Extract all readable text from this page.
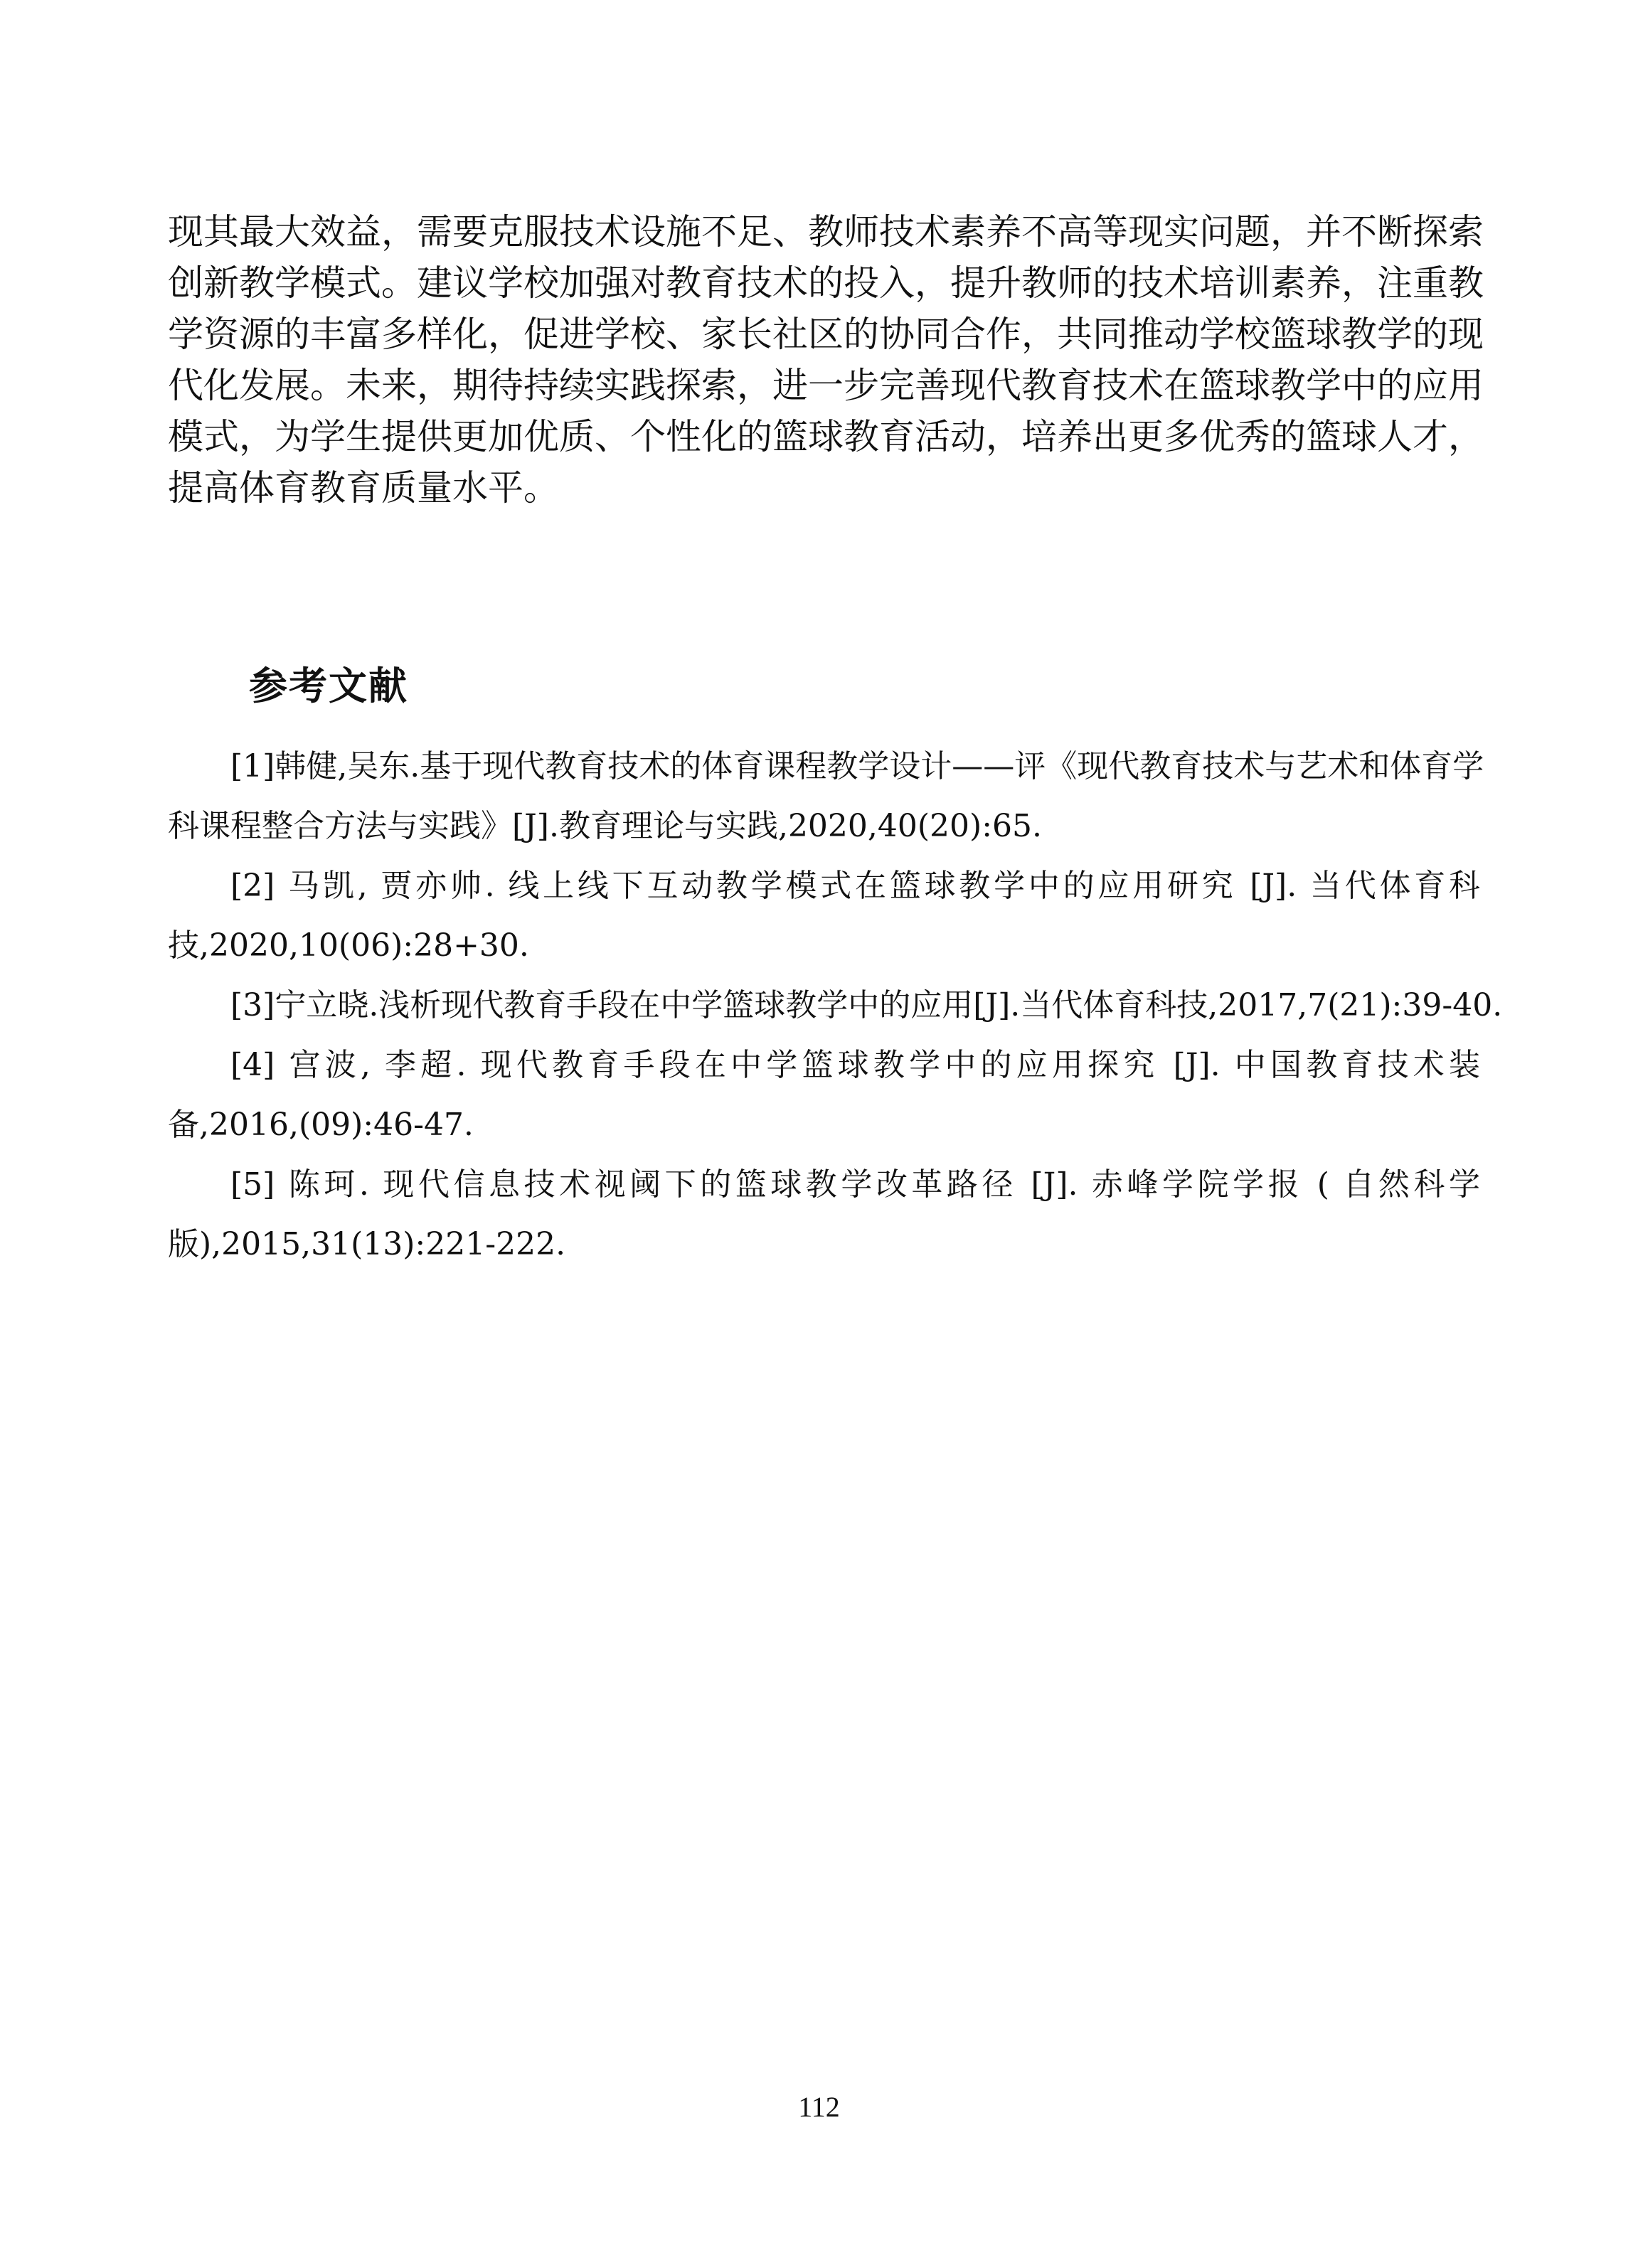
现其最大效益，需要克服技术设施不足、教师技术素养不高等现实问题，并不断探索
创新教学模式。建议学校加强对教育技术的投入，提升教师的技术培训素养，注重教
学资源的丰富多样化，促进学校、家长社区的协同合作，共同推动学校篮球教学的现
代化发展。未来，期待持续实践探索，进一步完善现代教育技术在篮球教学中的应用
模式，为学生提供更加优质、个性化的篮球教育活动，培养出更多优秀的篮球人才，
提高体育教育质量水平。
参考文献
[1]韩健,吴东.基于现代教育技术的体育课程教学设计——评《现代教育技术与艺术和体育学
科课程整合方法与实践》[J].教育理论与实践,2020,40(20):65.
[2] 马凯, 贾亦帅. 线上线下互动教学模式在篮球教学中的应用研究 [J]. 当代体育科
技,2020,10(06):28+30.
[3]宁立晓.浅析现代教育手段在中学篮球教学中的应用[J].当代体育科技,2017,7(21):39-40.
[4] 宫波, 李超. 现代教育手段在中学篮球教学中的应用探究 [J]. 中国教育技术装
备,2016,(09):46-47.
[5] 陈珂. 现代信息技术视阈下的篮球教学改革路径 [J]. 赤峰学院学报 ( 自然科学
版),2015,31(13):221-222.
112
